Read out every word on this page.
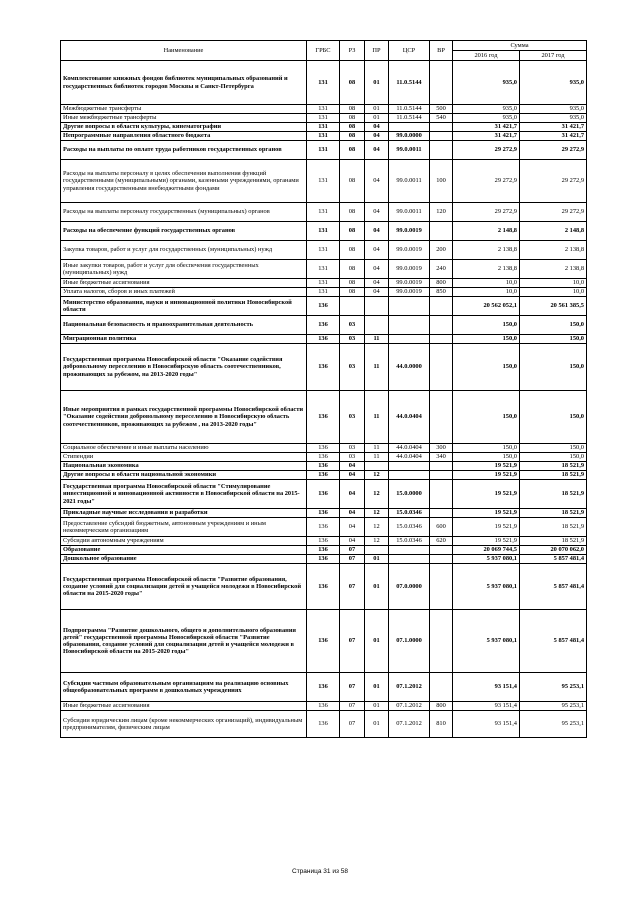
Наименование	ГРБС	РЗ	ПР	ЦСР	ВР	Сумма	
						2016 год	2017 год
Комплектование книжных фондов библиотек муниципальных образований и государственных библиотек городов Москвы и Санкт-Петербурга	131	08	01	11.0.5144		935,0	935,0
Межбюджетные трансферты	131	08	01	11.0.5144	500	935,0	935,0
Иные межбюджетные трансферты	131	08	01	11.0.5144	540	935,0	935,0
Другие вопросы в области культуры, кинематографии	131	08	04			31 421,7	31 421,7
Непрограммные направления областного бюджета	131	08	04	99.0.0000		31 421,7	31 421,7
Расходы на выплаты по оплате труда работников государственных органов	131	08	04	99.0.0011		29 272,9	29 272,9
Расходы на выплаты персоналу в целях обеспечения выполнения функций государственными (муниципальными) органами, казенными учреждениями, органами управления государственными внебюджетными фондами	131	08	04	99.0.0011	100	29 272,9	29 272,9
Расходы на выплаты персоналу государственных (муниципальных) органов	131	08	04	99.0.0011	120	29 272,9	29 272,9
Расходы на обеспечение функций государственных органов	131	08	04	99.0.0019		2 148,8	2 148,8
Закупка товаров, работ и услуг для государственных (муниципальных) нужд	131	08	04	99.0.0019	200	2 138,8	2 138,8
Иные закупки товаров, работ и услуг для обеспечения государственных (муниципальных) нужд	131	08	04	99.0.0019	240	2 138,8	2 138,8
Иные бюджетные ассигнования	131	08	04	99.0.0019	800	10,0	10,0
Уплата налогов, сборов и иных платежей	131	08	04	99.0.0019	850	10,0	10,0
Министерство образования, науки и инновационной политики Новосибирской области	136					20 562 052,1	20 561 385,5
Национальная безопасность и правоохранительная деятельность	136	03				150,0	150,0
Миграционная политика	136	03	11			150,0	150,0
Государственная программа Новосибирской области "Оказание содействия добровольному переселению в Новосибирскую область соотечественников, проживающих за рубежом, на 2013-2020 годы"	136	03	11	44.0.0000		150,0	150,0
Иные мероприятия в рамках государственной программы Новосибирской области "Оказание содействия добровольному переселению в Новосибирскую область соотечественников, проживающих за рубежом , на 2013-2020 годы"	136	03	11	44.0.0404		150,0	150,0
Социальное обеспечение и иные выплаты населению	136	03	11	44.0.0404	300	150,0	150,0
Стипендии	136	03	11	44.0.0404	340	150,0	150,0
Национальная экономика	136	04				19 521,9	18 521,9
Другие вопросы в области национальной экономики	136	04	12			19 521,9	18 521,9
Государственная программа Новосибирской области "Стимулирование инвестиционной и инновационной активности в Новосибирской области на 2015-2021 годы"	136	04	12	15.0.0000		19 521,9	18 521,9
Прикладные научные исследования и разработки	136	04	12	15.0.0346		19 521,9	18 521,9
Предоставление субсидий бюджетным, автономным учреждениям и иным некоммерческим организациям	136	04	12	15.0.0346	600	19 521,9	18 521,9
Субсидии автономным учреждениям	136	04	12	15.0.0346	620	19 521,9	18 521,9
Образование	136	07				20 069 744,5	20 070 062,0
Дошкольное образование	136	07	01			5 937 080,1	5 857 481,4
Государственная программа Новосибирской области "Развитие образования, создание условий для социализации детей и учащейся молодежи в Новосибирской области на 2015-2020 годы"	136	07	01	07.0.0000		5 937 080,1	5 857 481,4
Подпрограмма "Развитие дошкольного, общего и дополнительного образования детей" государственной программы Новосибирской области "Развитие образования, создание условий для социализации детей и учащейся молодежи в Новосибирской области на 2015-2020 годы"	136	07	01	07.1.0000		5 937 080,1	5 857 481,4
Субсидии частным образовательным организациям на реализацию основных общеобразовательных программ в дошкольных учреждениях	136	07	01	07.1.2012		93 151,4	95 253,1
Иные бюджетные ассигнования	136	07	01	07.1.2012	800	93 151,4	95 253,1
Субсидии юридическим лицам (кроме некоммерческих организаций), индивидуальным предпринимателям, физическим лицам	136	07	01	07.1.2012	810	93 151,4	95 253,1
Страница 31 из 58
